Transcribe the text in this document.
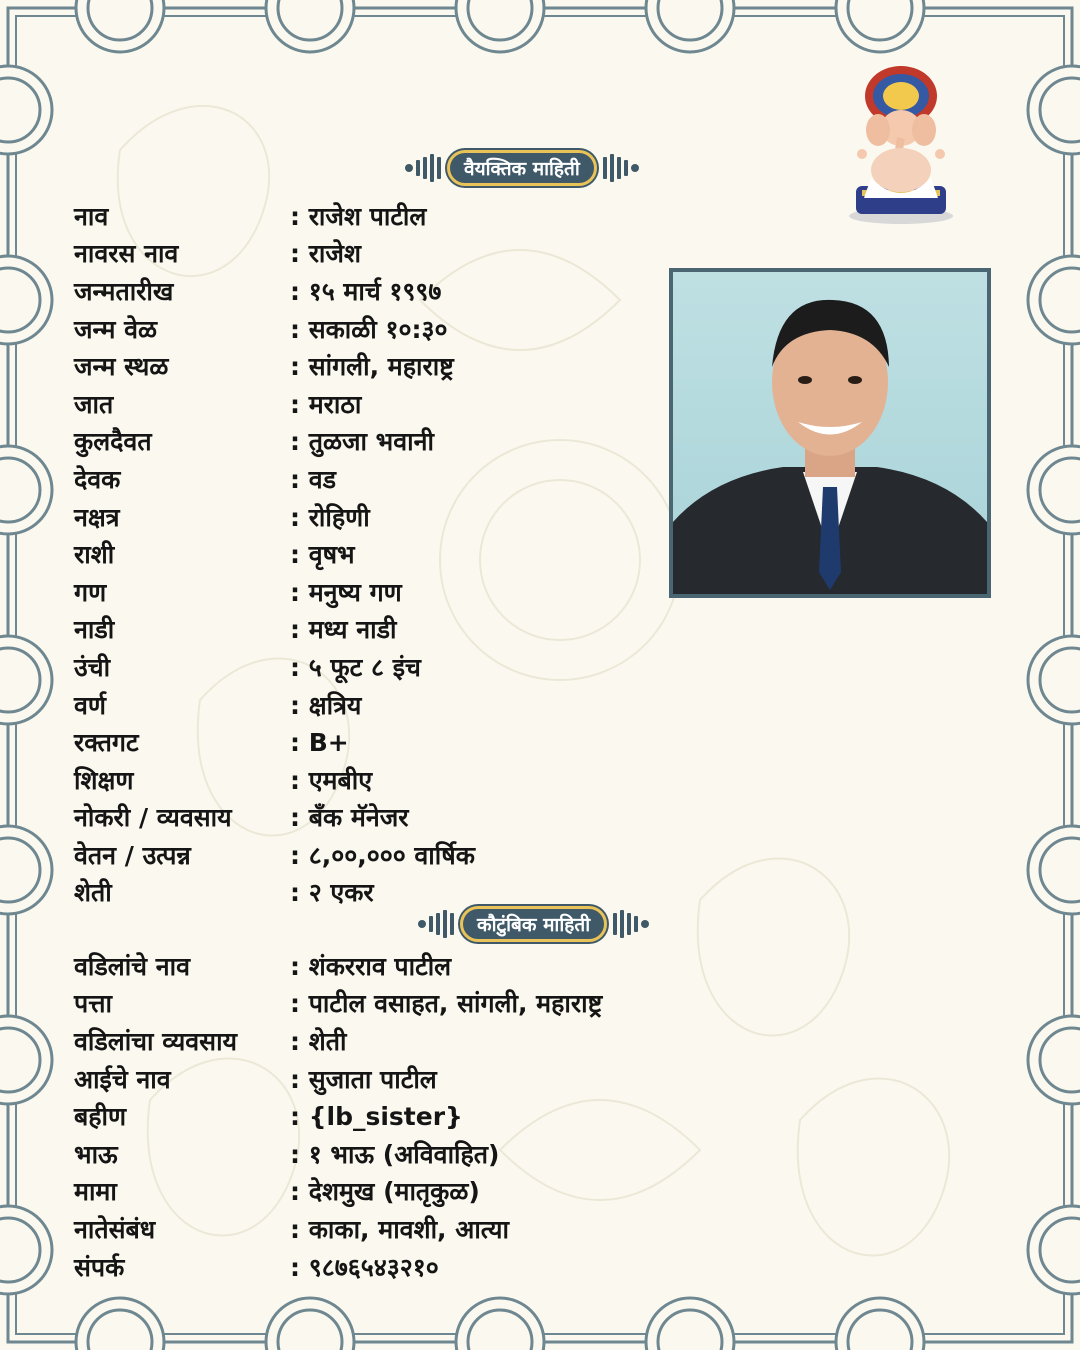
वैयक्तिक माहिती
नाव	: राजेश पाटील
नावरस नाव	: राजेश
जन्मतारीख	: १५ मार्च १९९७
जन्म वेळ	: सकाळी १०:३०
जन्म स्थळ	: सांगली, महाराष्ट्र
जात	: मराठा
कुलदैवत	: तुळजा भवानी
देवक	: वड
नक्षत्र	: रोहिणी
राशी	: वृषभ
गण	: मनुष्य गण
नाडी	: मध्य नाडी
उंची	: ५ फूट ८ इंच
वर्ण	: क्षत्रिय
रक्तगट	: B+
शिक्षण	: एमबीए
नोकरी / व्यवसाय	: बँक मॅनेजर
वेतन / उत्पन्न	: ८,००,००० वार्षिक
शेती	: २ एकर
कौटुंबिक माहिती
वडिलांचे नाव	: शंकरराव पाटील
पत्ता	: पाटील वसाहत, सांगली, महाराष्ट्र
वडिलांचा व्यवसाय	: शेती
आईचे नाव	: सुजाता पाटील
बहीण	: {lb_sister}
भाऊ	: १ भाऊ (अविवाहित)
मामा	: देशमुख (मातृकुळ)
नातेसंबंध	: काका, मावशी, आत्या
संपर्क	: ९८७६५४३२१०
